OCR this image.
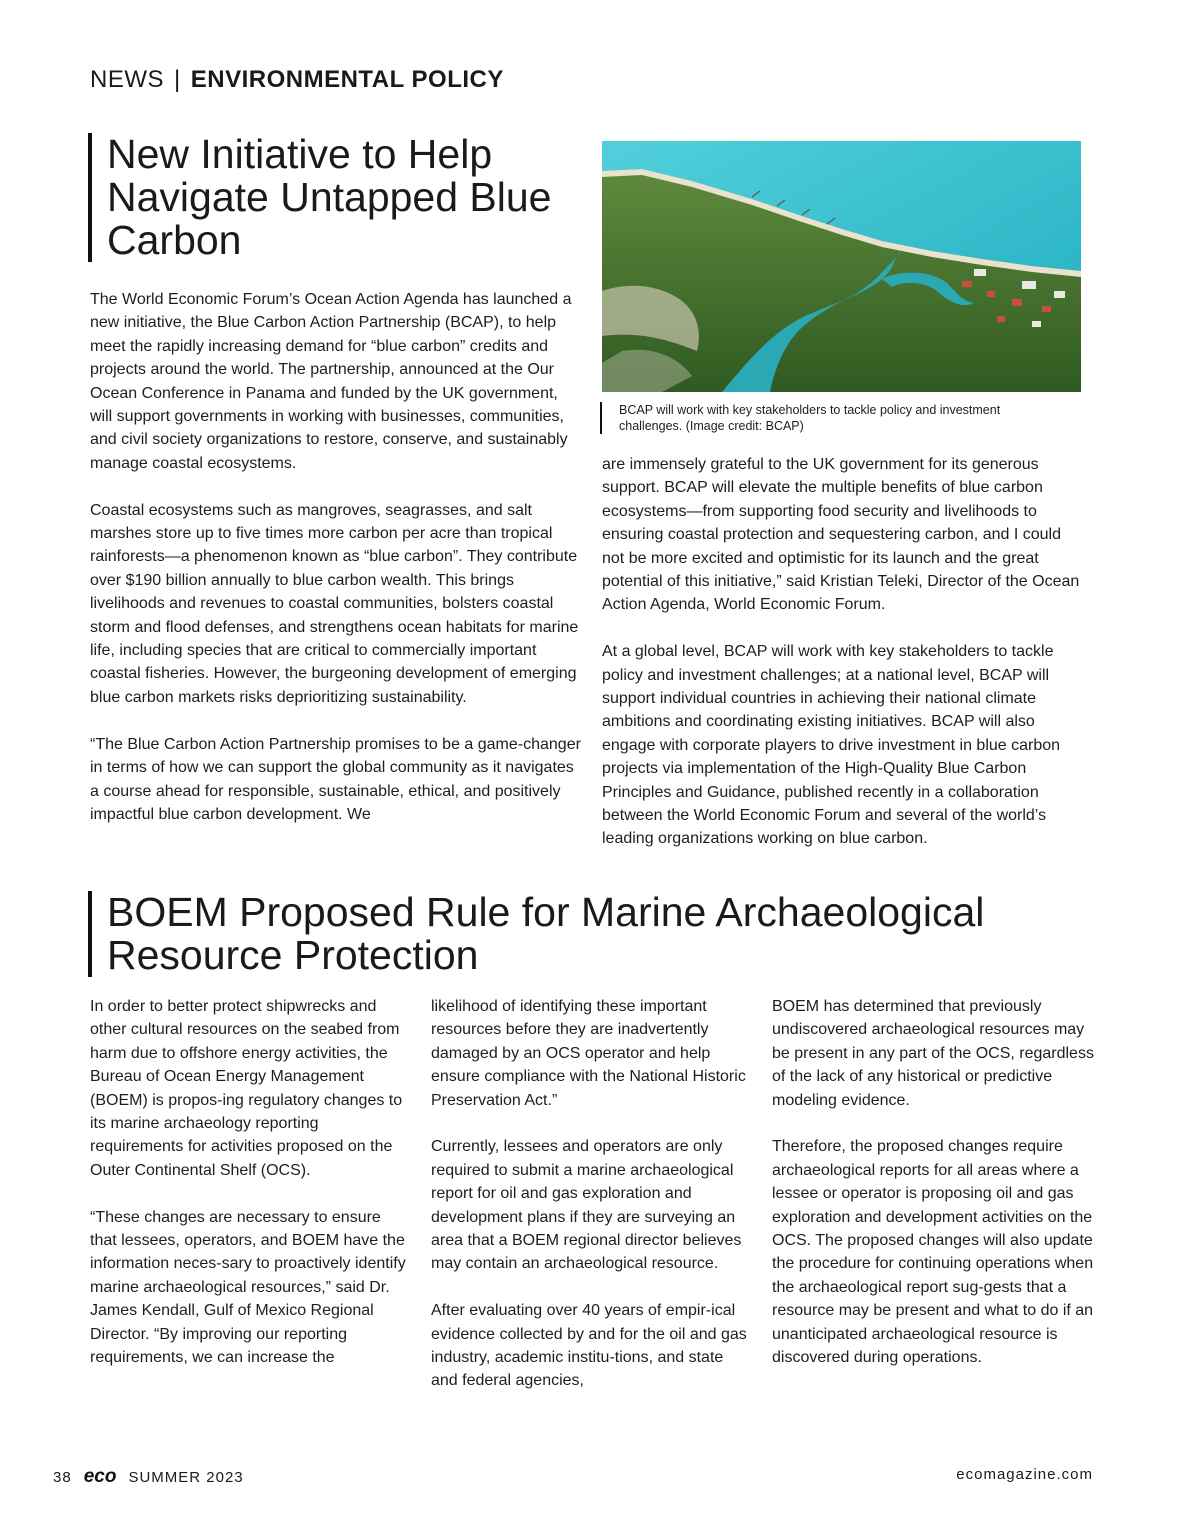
NEWS | ENVIRONMENTAL POLICY
New Initiative to Help Navigate Untapped Blue Carbon

The World Economic Forum’s Ocean Action Agenda has launched a new initiative, the Blue Carbon Action Partnership (BCAP), to help meet the rapidly increasing demand for “blue carbon” credits and projects around the world. The partnership, announced at the Our Ocean Conference in Panama and funded by the UK government, will support governments in working with businesses, communities, and civil society organizations to restore, conserve, and sustainably manage coastal ecosystems.

Coastal ecosystems such as mangroves, seagrasses, and salt marshes store up to five times more carbon per acre than tropical rainforests—a phenomenon known as “blue carbon”. They contribute over $190 billion annually to blue carbon wealth. This brings livelihoods and revenues to coastal communities, bolsters coastal storm and flood defenses, and strengthens ocean habitats for marine life, including species that are critical to commercially important coastal fisheries. However, the burgeoning development of emerging blue carbon markets risks deprioritizing sustainability.

“The Blue Carbon Action Partnership promises to be a game-changer in terms of how we can support the global community as it navigates a course ahead for responsible, sustainable, ethical, and positively impactful blue carbon development. We

BCAP will work with key stakeholders to tackle policy and investment challenges. (Image credit: BCAP)

are immensely grateful to the UK government for its generous support. BCAP will elevate the multiple benefits of blue carbon ecosystems—from supporting food security and livelihoods to ensuring coastal protection and sequestering carbon, and I could not be more excited and optimistic for its launch and the great potential of this initiative,” said Kristian Teleki, Director of the Ocean Action Agenda, World Economic Forum.

At a global level, BCAP will work with key stakeholders to tackle policy and investment challenges; at a national level, BCAP will support individual countries in achieving their national climate ambitions and coordinating existing initiatives. BCAP will also engage with corporate players to drive investment in blue carbon projects via implementation of the High-Quality Blue Carbon Principles and Guidance, published recently in a collaboration between the World Economic Forum and several of the world’s leading organizations working on blue carbon.

BOEM Proposed Rule for Marine Archaeological Resource Protection

In order to better protect shipwrecks and other cultural resources on the seabed from harm due to offshore energy activities, the Bureau of Ocean Energy Management (BOEM) is propos-ing regulatory changes to its marine archaeology reporting requirements for activities proposed on the Outer Continental Shelf (OCS).

“These changes are necessary to ensure that lessees, operators, and BOEM have the information neces-sary to proactively identify marine archaeological resources,” said Dr. James Kendall, Gulf of Mexico Regional Director. “By improving our reporting requirements, we can increase the

likelihood of identifying these important resources before they are inadvertently damaged by an OCS operator and help ensure compliance with the National Historic Preservation Act.”

Currently, lessees and operators are only required to submit a marine archaeological report for oil and gas exploration and development plans if they are surveying an area that a BOEM regional director believes may contain an archaeological resource.

After evaluating over 40 years of empir-ical evidence collected by and for the oil and gas industry, academic institu-tions, and state and federal agencies,

BOEM has determined that previously undiscovered archaeological resources may be present in any part of the OCS, regardless of the lack of any historical or predictive modeling evidence.

Therefore, the proposed changes require archaeological reports for all areas where a lessee or operator is proposing oil and gas exploration and development activities on the OCS. The proposed changes will also update the procedure for continuing operations when the archaeological report sug-gests that a resource may be present and what to do if an unanticipated archaeological resource is discovered during operations.

38 eco SUMMER 2023	ecomagazine.com
